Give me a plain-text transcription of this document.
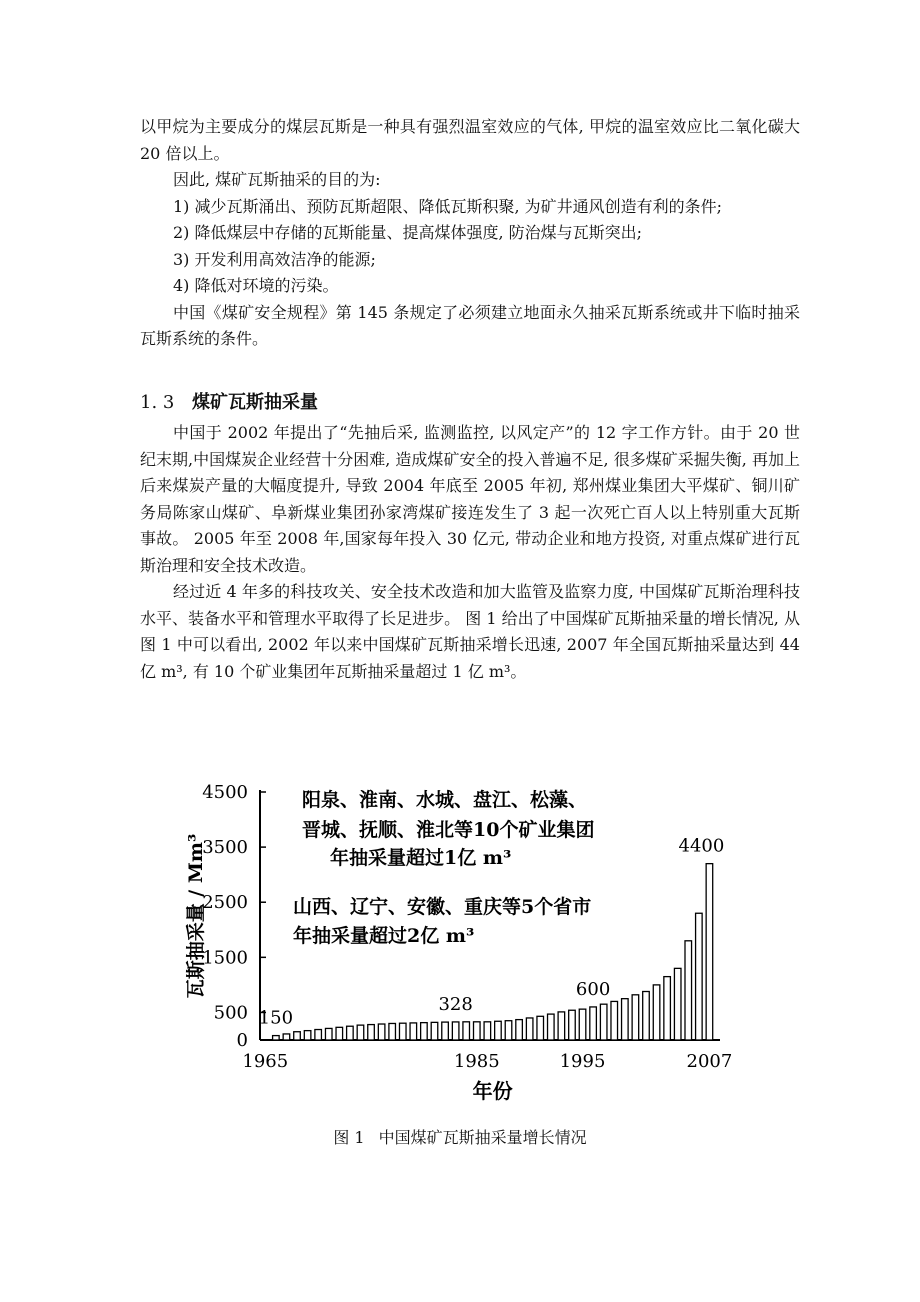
以甲烷为主要成分的煤层瓦斯是一种具有强烈温室效应的气体, 甲烷的温室效应比二氧化碳大 20 倍以上。

因此, 煤矿瓦斯抽采的目的为:

1) 减少瓦斯涌出、预防瓦斯超限、降低瓦斯积聚, 为矿井通风创造有利的条件;

2) 降低煤层中存储的瓦斯能量、提高煤体强度, 防治煤与瓦斯突出;

3) 开发利用高效洁净的能源;

4) 降低对环境的污染。

中国《煤矿安全规程》第 145 条规定了必须建立地面永久抽采瓦斯系统或井下临时抽采瓦斯系统的条件。

1. 3 煤矿瓦斯抽采量

中国于 2002 年提出了“先抽后采, 监测监控, 以风定产”的 12 字工作方针。由于 20 世纪末期,中国煤炭企业经营十分困难, 造成煤矿安全的投入普遍不足, 很多煤矿采掘失衡, 再加上后来煤炭产量的大幅度提升, 导致 2004 年底至 2005 年初, 郑州煤业集团大平煤矿、铜川矿务局陈家山煤矿、阜新煤业集团孙家湾煤矿接连发生了 3 起一次死亡百人以上特别重大瓦斯事故。 2005 年至 2008 年,国家每年投入 30 亿元, 带动企业和地方投资, 对重点煤矿进行瓦斯治理和安全技术改造。

经过近 4 年多的科技攻关、安全技术改造和加大监管及监察力度, 中国煤矿瓦斯治理科技水平、装备水平和管理水平取得了长足进步。 图 1 给出了中国煤矿瓦斯抽采量的增长情况, 从图 1 中可以看出, 2002 年以来中国煤矿瓦斯抽采增长迅速, 2007 年全国瓦斯抽采量达到 44 亿 m³, 有 10 个矿业集团年瓦斯抽采量超过 1 亿 m³。

4500
3500
2500
1500
500
0
1965	1985	1995	2007
150
328
600
4400
年份
瓦斯抽采量 / Mm³
阳泉、淮南、水城、盘江、松藻、
晋城、抚顺、淮北等10个矿业集团
年抽采量超过1亿 m³
山西、辽宁、安徽、重庆等5个省市
年抽采量超过2亿 m³
图 1 中国煤矿瓦斯抽采量增长情况
